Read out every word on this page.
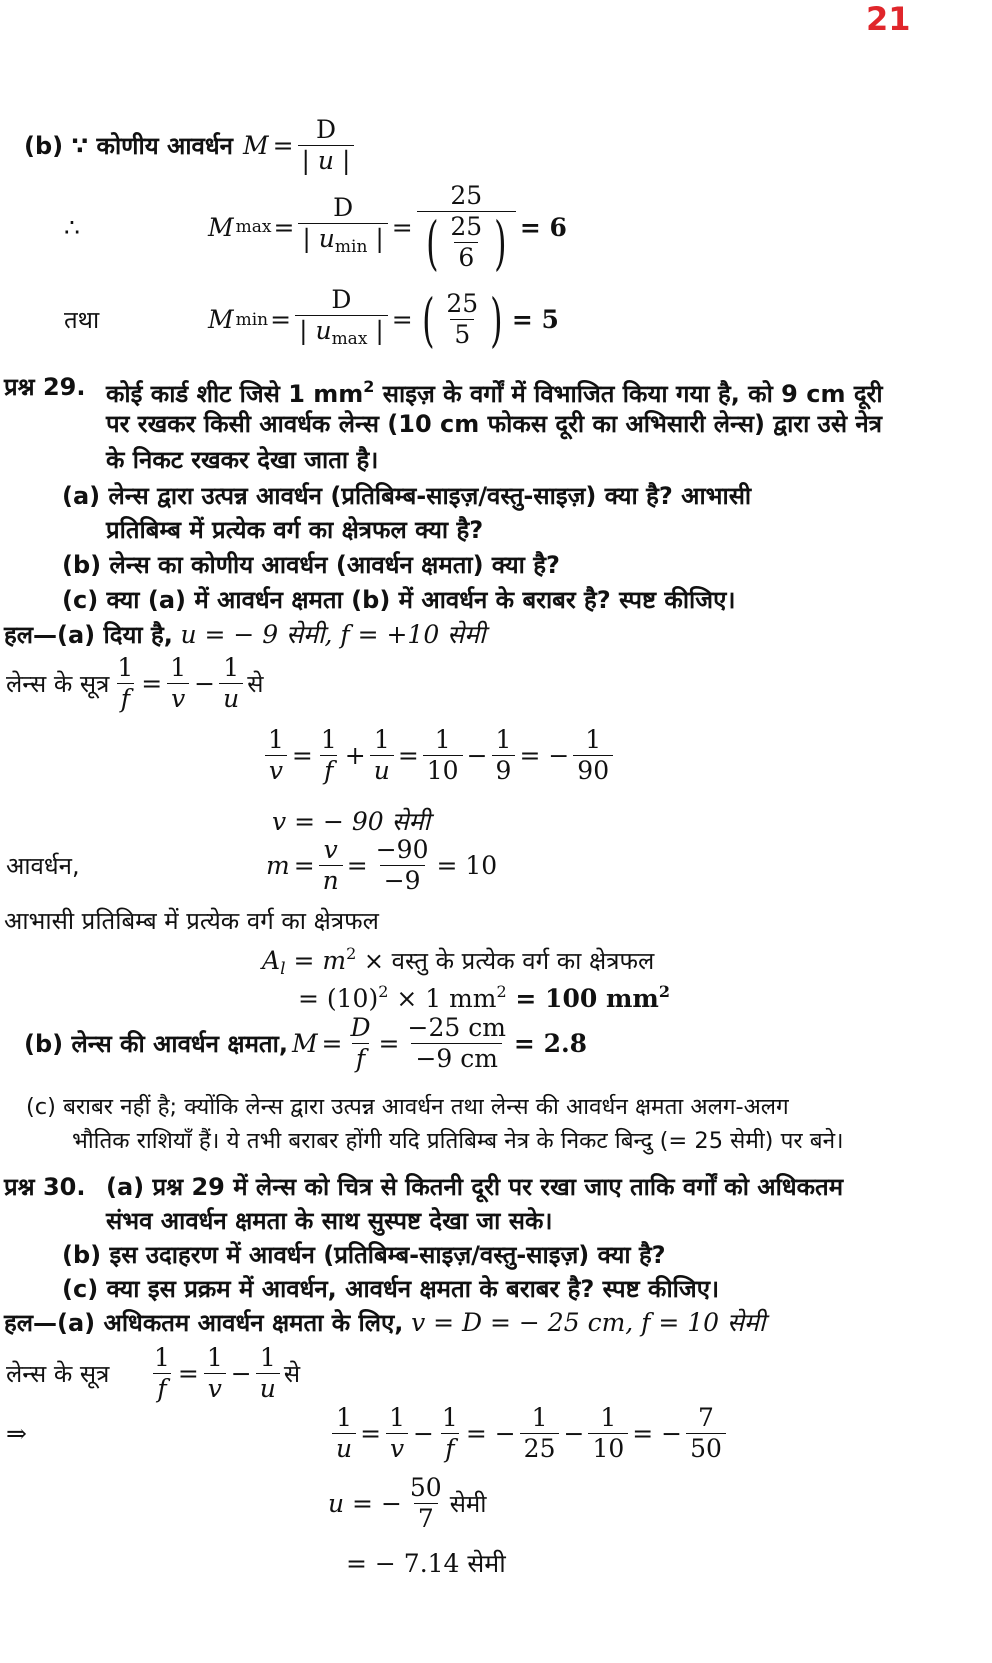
21
(b) ∵ कोणीय आवर्धन $M = \frac{D}{| u |}$
∴	M $\max = \frac{D}{| u_{min} |} = \frac{25}{( \frac{25}{6} )} = 6$
तथा	M $\min = \frac{D}{| u_{max} |}$ = ( $\frac{25}{5}$ ) = 5
प्रश्न 29. कोई कार्ड शीट जिसे 1 $mm^2$ साइज़ के वर्गों में विभाजित किया गया है, को 9 cm दूरी
पर रखकर किसी आवर्धक लेन्स (10 cm फोकस दूरी का अभिसारी लेन्स) द्वारा उसे नेत्र
के निकट रखकर देखा जाता है।
(a) लेन्स द्वारा उत्पन्न आवर्धन (प्रतिबिम्ब-साइज़/वस्तु-साइज़) क्या है? आभासी
प्रतिबिम्ब में प्रत्येक वर्ग का क्षेत्रफल क्या है?
(b) लेन्स का कोणीय आवर्धन (आवर्धन क्षमता) क्या है?
(c) क्या (a) में आवर्धन क्षमता (b) में आवर्धन के बराबर है? स्पष्ट कीजिए।
हल—(a) दिया है, u = − 9 सेमी, f = +10 सेमी
लेन्स के सूत्र $\frac{1}{f} = \frac{1}{v} - \frac{1}{u}$ से
$\frac{1}{v} = \frac{1}{f} + \frac{1}{u} = \frac{1}{10} - \frac{1}{9}$ = − $\frac{1}{90}$
v = − 90 सेमी
आवर्धन,	$m = \frac{v}{n} = \frac{-90}{-9} = 10$
आभासी प्रतिबिम्ब में प्रत्येक वर्ग का क्षेत्रफल
$A_l = m^2$ × वस्तु के प्रत्येक वर्ग का क्षेत्रफल
= $(10)^2 \times 1$ $mm^2 = 100$ $mm^2$
(b) लेन्स की आवर्धन क्षमता, $M = \frac{D}{f} = \frac{-25 cm}{-9 cm} = 2.8$
(c) बराबर नहीं है; क्योंकि लेन्स द्वारा उत्पन्न आवर्धन तथा लेन्स की आवर्धन क्षमता अलग-अलग
भौतिक राशियाँ हैं। ये तभी बराबर होंगी यदि प्रतिबिम्ब नेत्र के निकट बिन्दु (= 25 सेमी) पर बने।
प्रश्न 30. (a) प्रश्न 29 में लेन्स को चित्र से कितनी दूरी पर रखा जाए ताकि वर्गों को अधिकतम
संभव आवर्धन क्षमता के साथ सुस्पष्ट देखा जा सके।
(b) इस उदाहरण में आवर्धन (प्रतिबिम्ब-साइज़/वस्तु-साइज़) क्या है?
(c) क्या इस प्रक्रम में आवर्धन, आवर्धन क्षमता के बराबर है? स्पष्ट कीजिए।
हल—(a) अधिकतम आवर्धन क्षमता के लिए, v = D = − 25 cm, f = 10 सेमी
लेन्स के सूत्र	$\frac{1}{f} = \frac{1}{v} - \frac{1}{u}$ से
⇒	$\frac{1}{u} = \frac{1}{v} - \frac{1}{f}$ = − $\frac{1}{25} - \frac{1}{10}$ = − $\frac{7}{50}$
u = − $\frac{50}{7}$ सेमी
= − 7.14 सेमी
